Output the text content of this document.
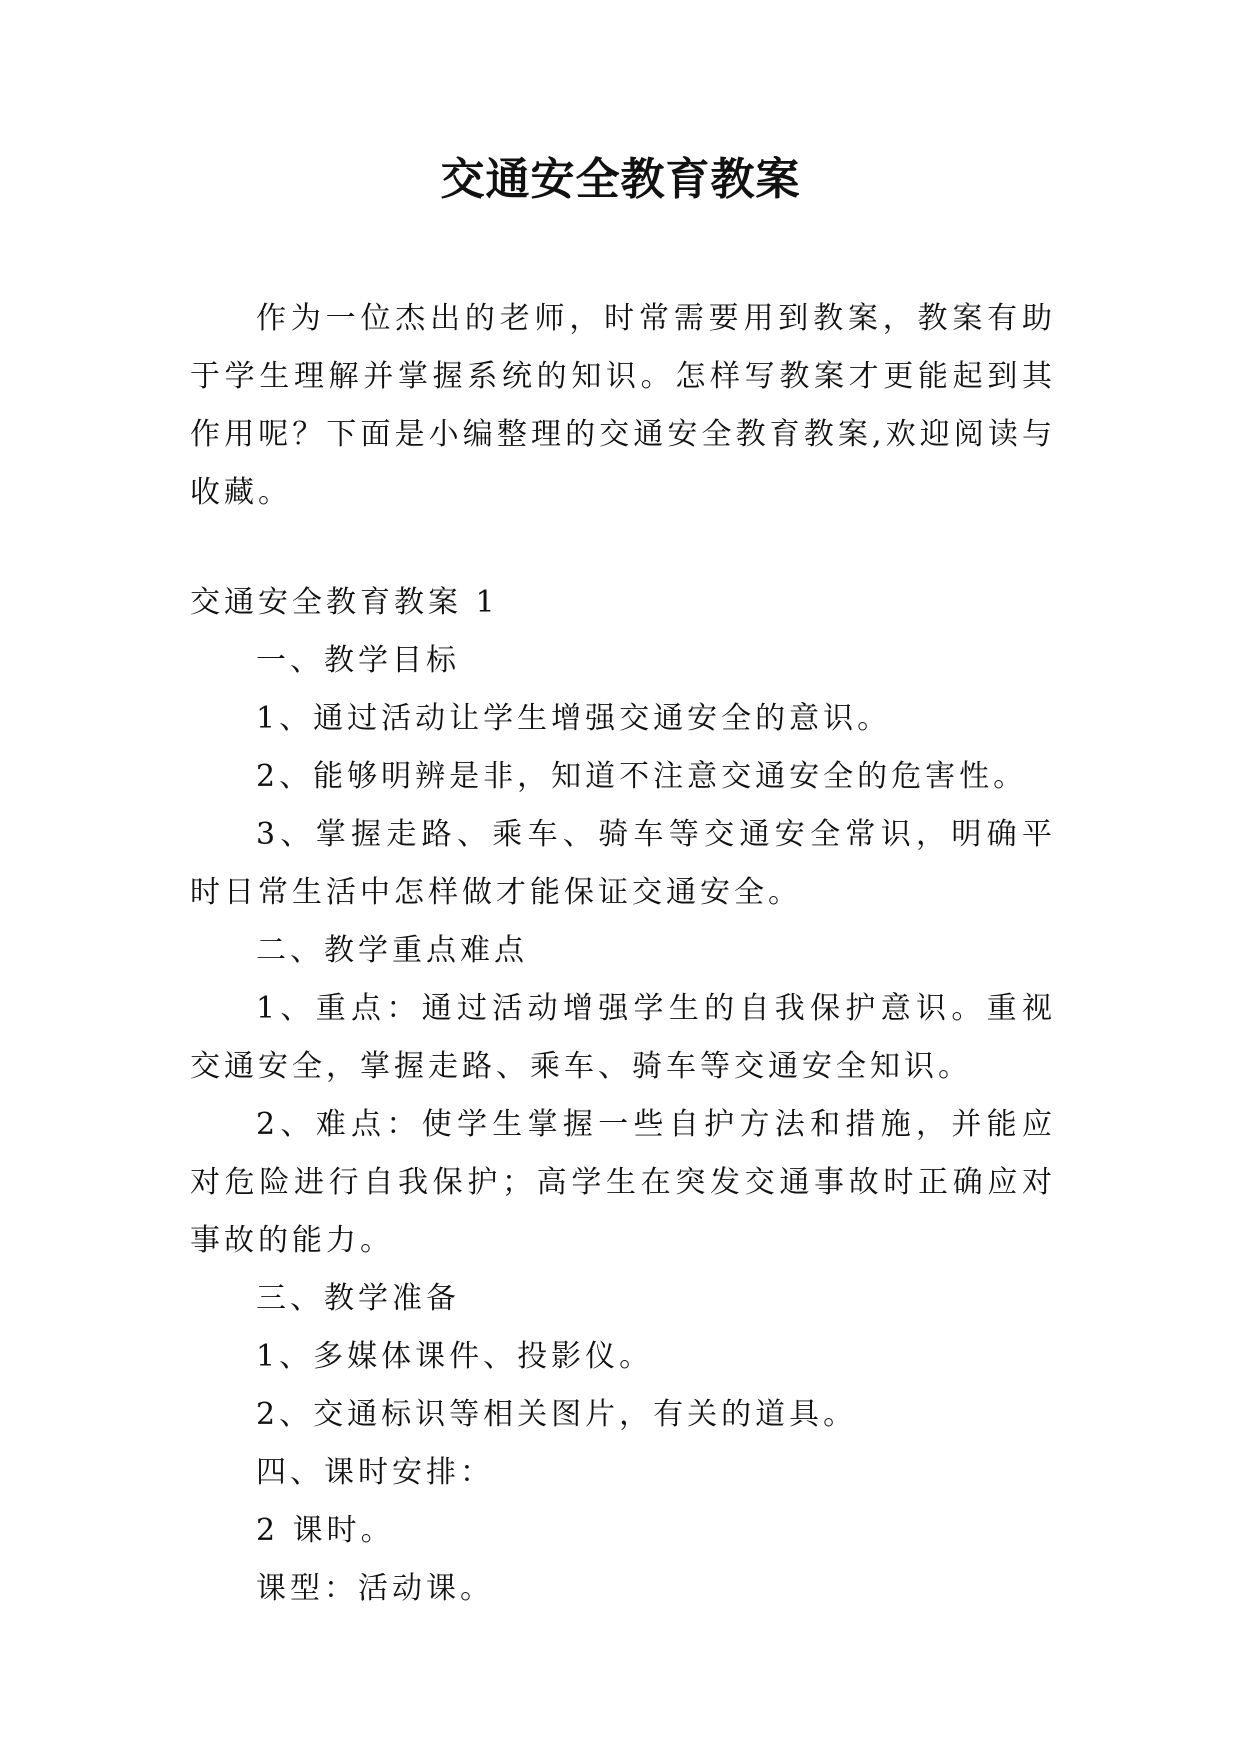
交通安全教育教案

作为一位杰出的老师，时常需要用到教案，教案有助于学生理解并掌握系统的知识。怎样写教案才更能起到其作用呢？下面是小编整理的交通安全教育教案,欢迎阅读与收藏。

交通安全教育教案 1

一、教学目标

1、通过活动让学生增强交通安全的意识。

2、能够明辨是非，知道不注意交通安全的危害性。

3、掌握走路、乘车、骑车等交通安全常识，明确平时日常生活中怎样做才能保证交通安全。

二、教学重点难点

1、重点：通过活动增强学生的自我保护意识。重视交通安全，掌握走路、乘车、骑车等交通安全知识。

2、难点：使学生掌握一些自护方法和措施，并能应对危险进行自我保护；高学生在突发交通事故时正确应对事故的能力。

三、教学准备

1、多媒体课件、投影仪。

2、交通标识等相关图片，有关的道具。

四、课时安排：

2 课时。

课型：活动课。
